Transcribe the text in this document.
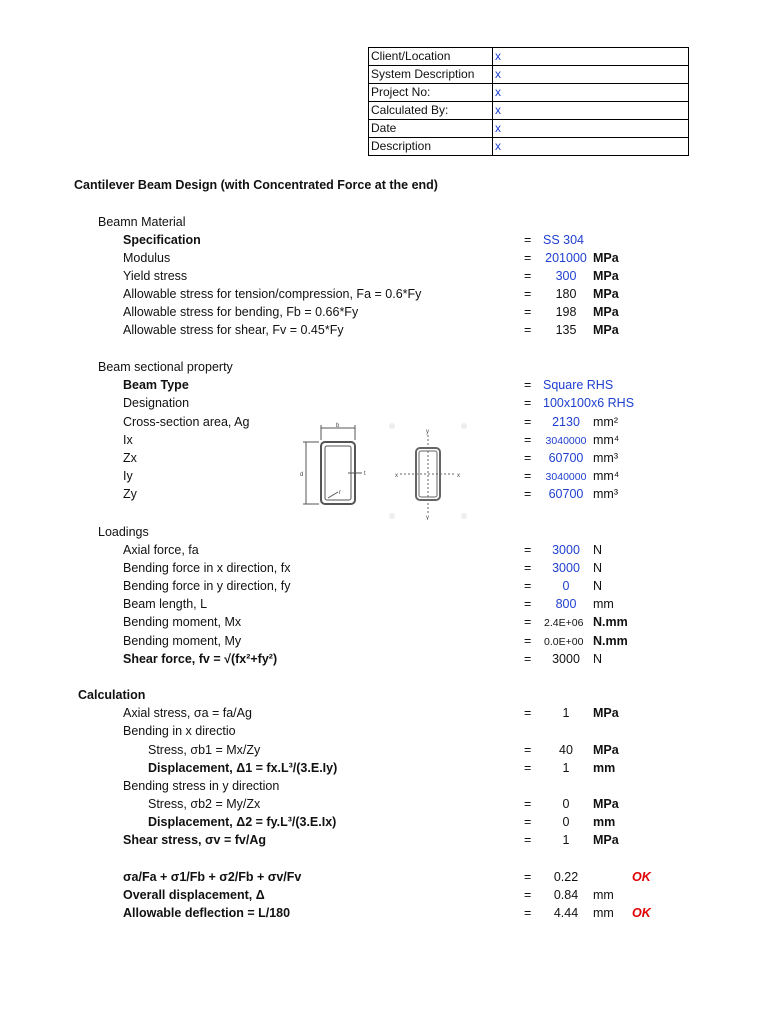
Client/Location	x
System Description	x
Project No:	x
Calculated By:	x
Date	x
Description	x
Cantilever Beam Design (with Concentrated Force at the end)
Beamn Material
Specification	= SS 304
Modulus	=	201000 MPa
Yield stress	=	300	MPa
Allowable stress for tension/compression, Fa = 0.6*Fy	=	180	MPa
Allowable stress for bending, Fb = 0.66*Fy	=	198	MPa
Allowable stress for shear, Fv = 0.45*Fy	=	135	MPa
Beam sectional property
Beam Type	= Square RHS
Designation	= 100x100x6 RHS
Cross-section area, Ag	=	2130	mm²
Ix	=	3040000 mm⁴
Zx	=	60700 mm³
Iy	=	3040000 mm⁴
Zy	=	60700 mm³
b
d	t
r
x	x
y
y
Loadings
Axial force, fa	=	3000	N
Bending force in x direction, fx	=	3000	N
Bending force in y direction, fy	=	0	N
Beam length, L	=	800	mm
Bending moment, Mx	= 2.4E+06 N.mm
Bending moment, My	= 0.0E+00 N.mm
Shear force, fv = √(fx²+fy²)	=	3000	N
Calculation
Axial stress, σa = fa/Ag	=	1	MPa
Bending in x directio
Stress, σb1 = Mx/Zy	=	40	MPa
Displacement, Δ1 = fx.L³/(3.E.Iy)	=	1	mm
Bending stress in y direction
Stress, σb2 = My/Zx	=	0	MPa
Displacement, Δ2 = fy.L³/(3.E.Ix)	=	0	mm
Shear stress, σv = fv/Ag	=	1	MPa
σa/Fa + σ1/Fb + σ2/Fb + σv/Fv	=	0.22	OK
Overall displacement, Δ	=	0.84	mm
Allowable deflection = L/180	=	4.44	mm OK
